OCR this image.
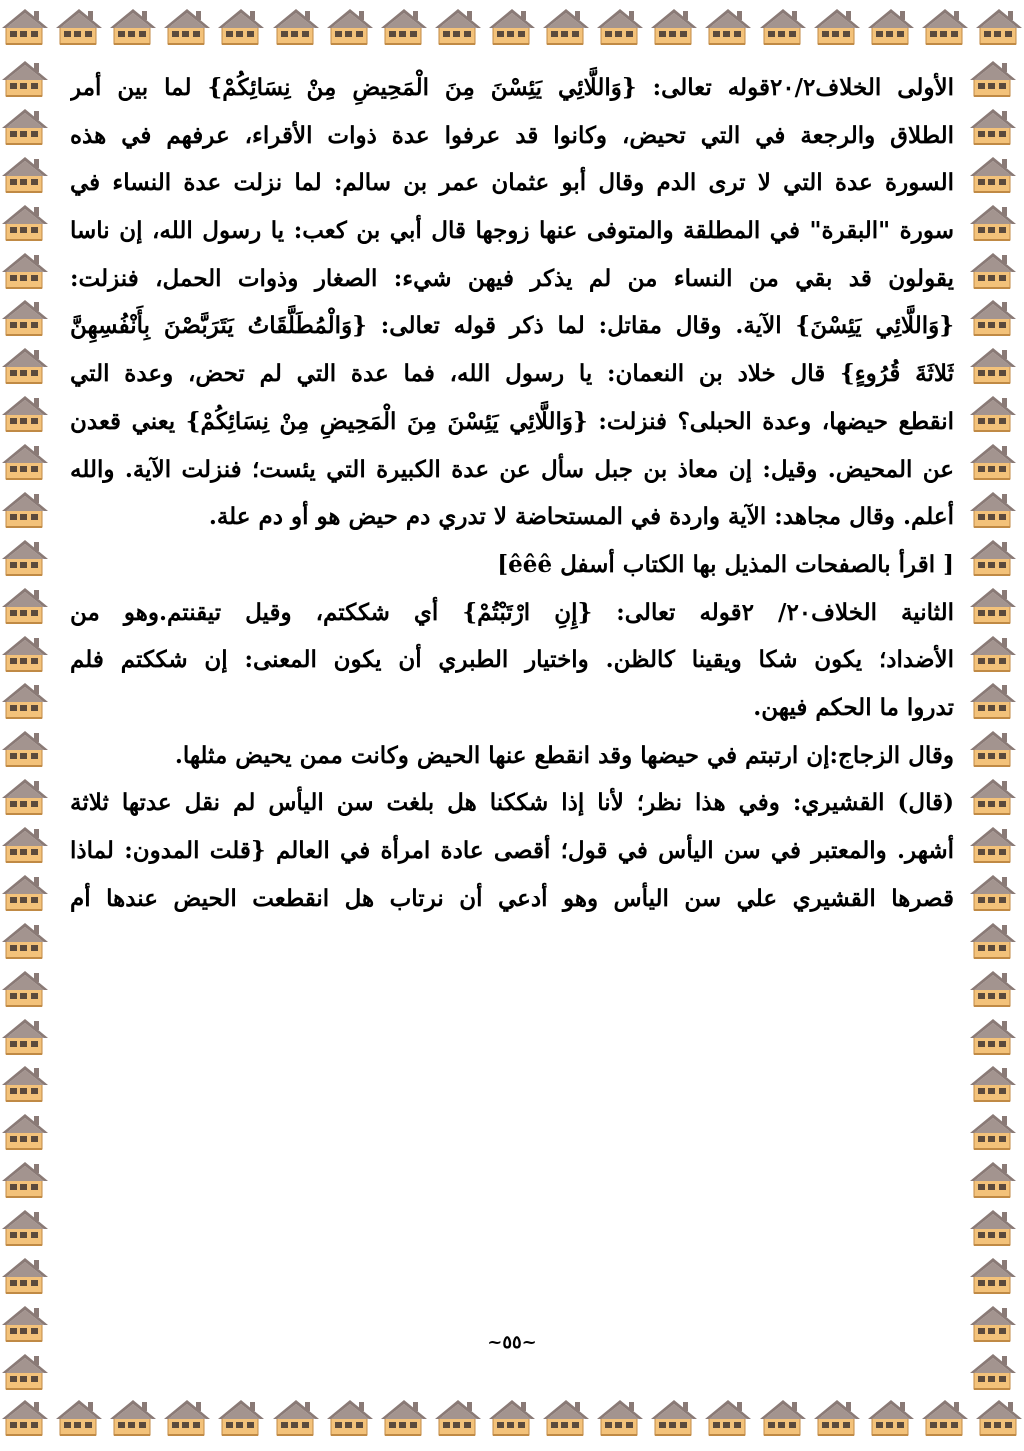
الأولى الخلاف٢٠/٢قوله تعالى: {وَاللَّائِي يَئِسْنَ مِنَ الْمَحِيضِ مِنْ نِسَائِكُمْ} لما بين أمر

الطلاق والرجعة في التي تحيض، وكانوا قد عرفوا عدة ذوات الأقراء، عرفهم في هذه

السورة عدة التي لا ترى الدم وقال أبو عثمان عمر بن سالم: لما نزلت عدة النساء في

سورة "البقرة" في المطلقة والمتوفى عنها زوجها قال أبي بن كعب: يا رسول الله، إن ناسا

يقولون قد بقي من النساء من لم يذكر فيهن شيء: الصغار وذوات الحمل، فنزلت:

{وَاللَّائِي يَئِسْنَ} الآية. وقال مقاتل: لما ذكر قوله تعالى: {وَالْمُطَلَّقَاتُ يَتَرَبَّصْنَ بِأَنْفُسِهِنَّ

ثَلاثَةَ قُرُوءٍ} قال خلاد بن النعمان: يا رسول الله، فما عدة التي لم تحض، وعدة التي

انقطع حيضها، وعدة الحبلى؟ فنزلت: {وَاللَّائِي يَئِسْنَ مِنَ الْمَحِيضِ مِنْ نِسَائِكُمْ} يعني قعدن

عن المحيض. وقيل: إن معاذ بن جبل سأل عن عدة الكبيرة التي يئست؛ فنزلت الآية. والله

أعلم. وقال مجاهد: الآية واردة في المستحاضة لا تدري دم حيض هو أو دم علة.

[ اقرأ بالصفحات المذيل بها الكتاب أسفل êêê]

الثانية الخلاف٢٠/ ٢قوله تعالى: {إِنِ ارْتَبْتُمْ} أي شككتم، وقيل تيقنتم.وهو من

الأضداد؛ يكون شكا ويقينا كالظن. واختيار الطبري أن يكون المعنى: إن شككتم فلم

تدروا ما الحكم فيهن.

وقال الزجاج:إن ارتبتم في حيضها وقد انقطع عنها الحيض وكانت ممن يحيض مثلها.

(قال) القشيري: وفي هذا نظر؛ لأنا إذا شككنا هل بلغت سن اليأس لم نقل عدتها ثلاثة

أشهر. والمعتبر في سن اليأس في قول؛ أقصى عادة امرأة في العالم {قلت المدون: لماذا

قصرها القشيري علي سن اليأس وهو أدعي أن نرتاب هل انقطعت الحيض عندها أم

~٥٥~
